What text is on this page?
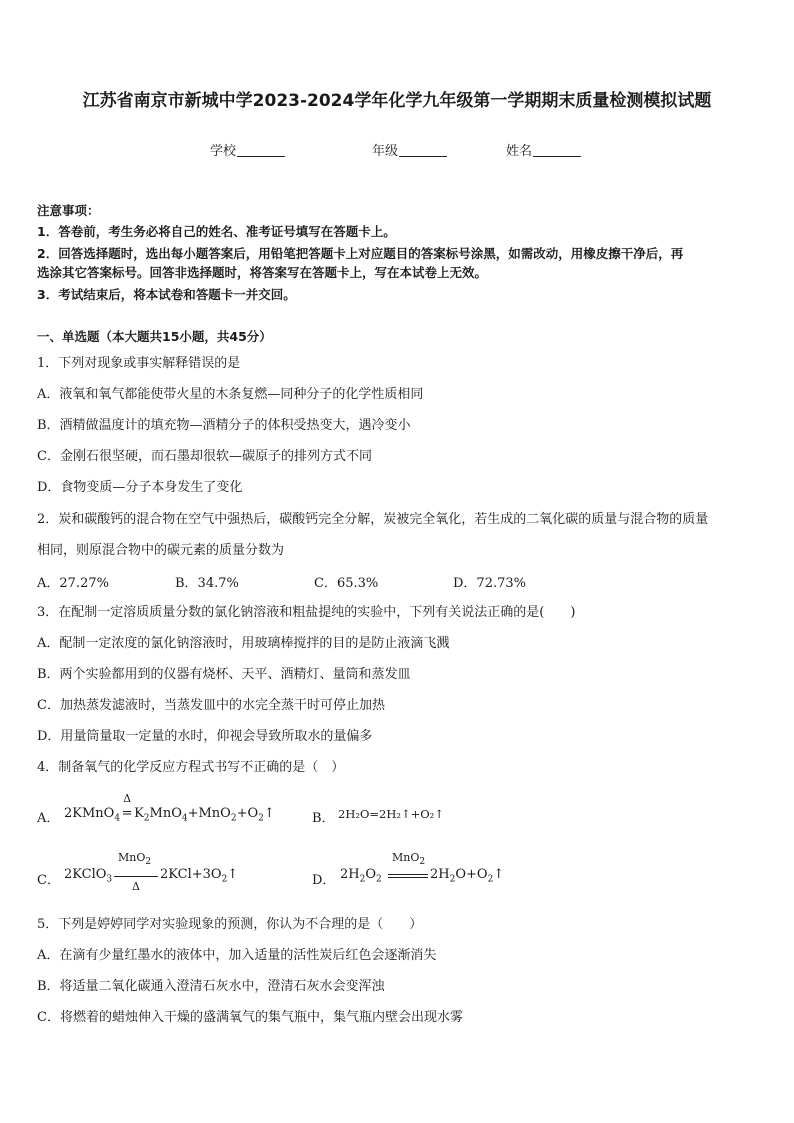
江苏省南京市新城中学2023-2024学年化学九年级第一学期期末质量检测模拟试题
学校	年级	姓名
注意事项：
1．答卷前，考生务必将自己的姓名、准考证号填写在答题卡上。
2．回答选择题时，选出每小题答案后，用铅笔把答题卡上对应题目的答案标号涂黑，如需改动，用橡皮擦干净后，再
选涂其它答案标号。回答非选择题时，将答案写在答题卡上，写在本试卷上无效。
3．考试结束后，将本试卷和答题卡一并交回。
一、单选题（本大题共15小题，共45分）
1．下列对现象或事实解释错误的是
A．液氧和氧气都能使带火星的木条复燃—同种分子的化学性质相同
B．酒精做温度计的填充物—酒精分子的体积受热变大，遇冷变小
C．金刚石很坚硬，而石墨却很软—碳原子的排列方式不同
D．食物变质—分子本身发生了变化
2．炭和碳酸钙的混合物在空气中强热后，碳酸钙完全分解，炭被完全氧化，若生成的二氧化碳的质量与混合物的质量
相同，则原混合物中的碳元素的质量分数为
A．27.27%	B．34.7%	C．65.3%	D．72.73%
3．在配制一定溶质质量分数的氯化钠溶液和粗盐提纯的实验中，下列有关说法正确的是(　　)
A．配制一定浓度的氯化钠溶液时，用玻璃棒搅拌的目的是防止液滴飞溅
B．两个实验都用到的仪器有烧杯、天平、酒精灯、量筒和蒸发皿
C．加热蒸发滤液时，当蒸发皿中的水完全蒸干时可停止加热
D．用量筒量取一定量的水时，仰视会导致所取水的量偏多
4．制备氧气的化学反应方程式书写不正确的是（　）
A． 2KMnO$_4$
Δ
= $K_2MnO_4+MnO_2+O_2↑$	B． 2H₂O=2H₂↑+O₂↑
C． 2KClO$_3$
MnO$_2$
Δ
$2KCl+3O_2↑$	D． $2H_2O_2$
MnO$_2$
$2H_2O+O_2↑$
5．下列是婷婷同学对实验现象的预测，你认为不合理的是（　　）
A．在滴有少量红墨水的液体中，加入适量的活性炭后红色会逐渐消失
B．将适量二氧化碳通入澄清石灰水中，澄清石灰水会变浑浊
C．将燃着的蜡烛伸入干燥的盛满氧气的集气瓶中，集气瓶内壁会出现水雾
